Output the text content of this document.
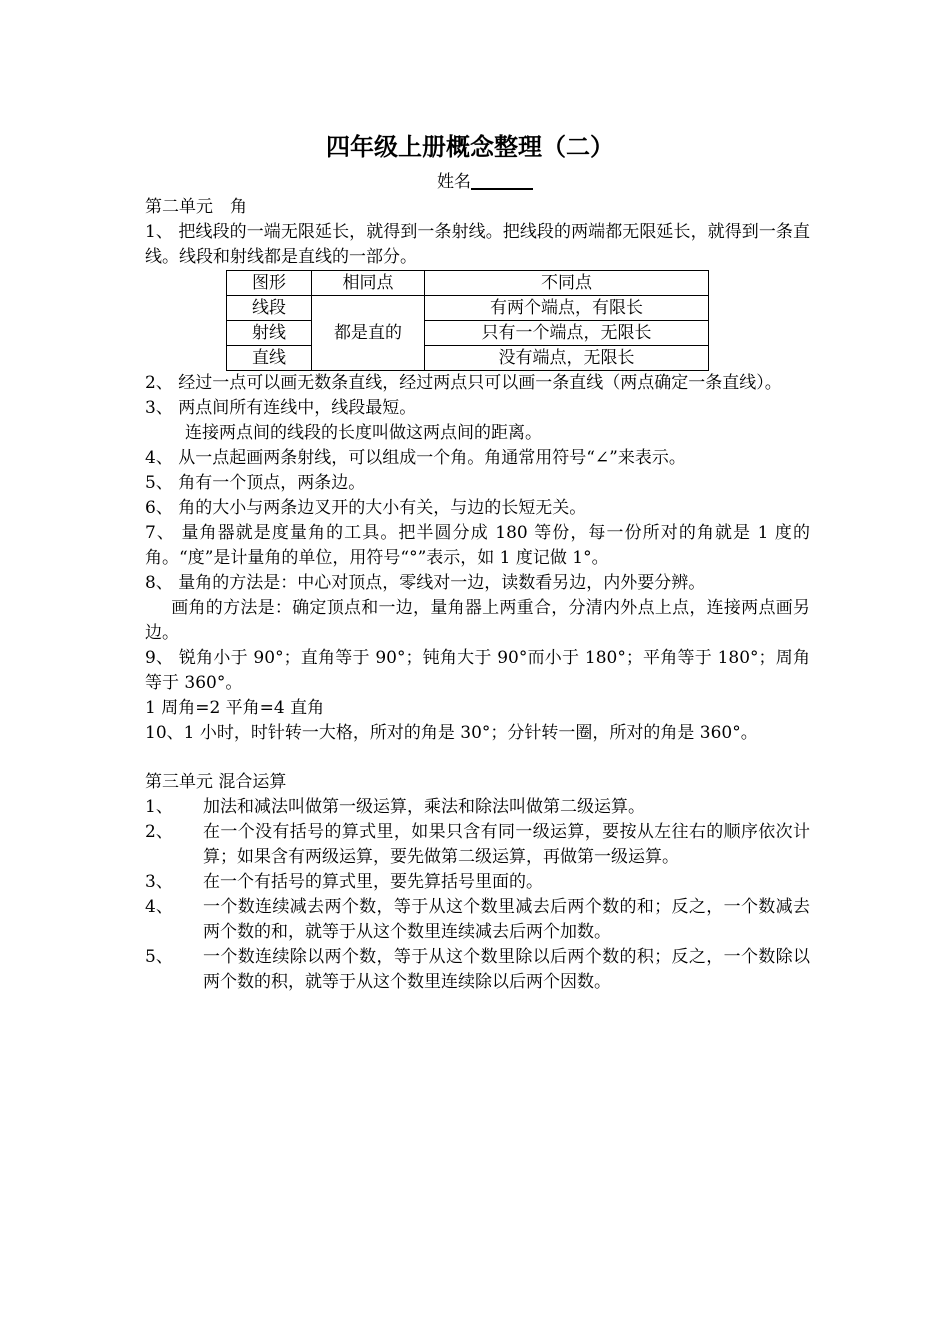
四年级上册概念整理（二）
姓名
第二单元　角
1、 把线段的一端无限延长，就得到一条射线。把线段的两端都无限延长，就得到一条直线。线段和射线都是直线的一部分。
图形	相同点	不同点
线段	都是直的	有两个端点，有限长
射线		只有一个端点，无限长
直线		没有端点，无限长
2、 经过一点可以画无数条直线，经过两点只可以画一条直线（两点确定一条直线）。
3、 两点间所有连线中，线段最短。
连接两点间的线段的长度叫做这两点间的距离。
4、 从一点起画两条射线，可以组成一个角。角通常用符号“∠”来表示。
5、 角有一个顶点，两条边。
6、 角的大小与两条边叉开的大小有关，与边的长短无关。
7、 量角器就是度量角的工具。把半圆分成 180 等份，每一份所对的角就是 1 度的角。“度”是计量角的单位，用符号“°”表示，如 1 度记做 1°。
8、 量角的方法是：中心对顶点，零线对一边，读数看另边，内外要分辨。
画角的方法是：确定顶点和一边，量角器上两重合，分清内外点上点，连接两点画另边。
9、 锐角小于 90°；直角等于 90°；钝角大于 90°而小于 180°；平角等于 180°；周角等于 360°。
1 周角=2 平角=4 直角
10、1 小时，时针转一大格，所对的角是 30°；分针转一圈，所对的角是 360°。
第三单元 混合运算
1、	加法和减法叫做第一级运算，乘法和除法叫做第二级运算。
2、	在一个没有括号的算式里，如果只含有同一级运算，要按从左往右的顺序依次计算；如果含有两级运算，要先做第二级运算，再做第一级运算。
3、	在一个有括号的算式里，要先算括号里面的。
4、	一个数连续减去两个数，等于从这个数里减去后两个数的和；反之，一个数减去两个数的和，就等于从这个数里连续减去后两个加数。
5、	一个数连续除以两个数，等于从这个数里除以后两个数的积；反之，一个数除以两个数的积，就等于从这个数里连续除以后两个因数。
